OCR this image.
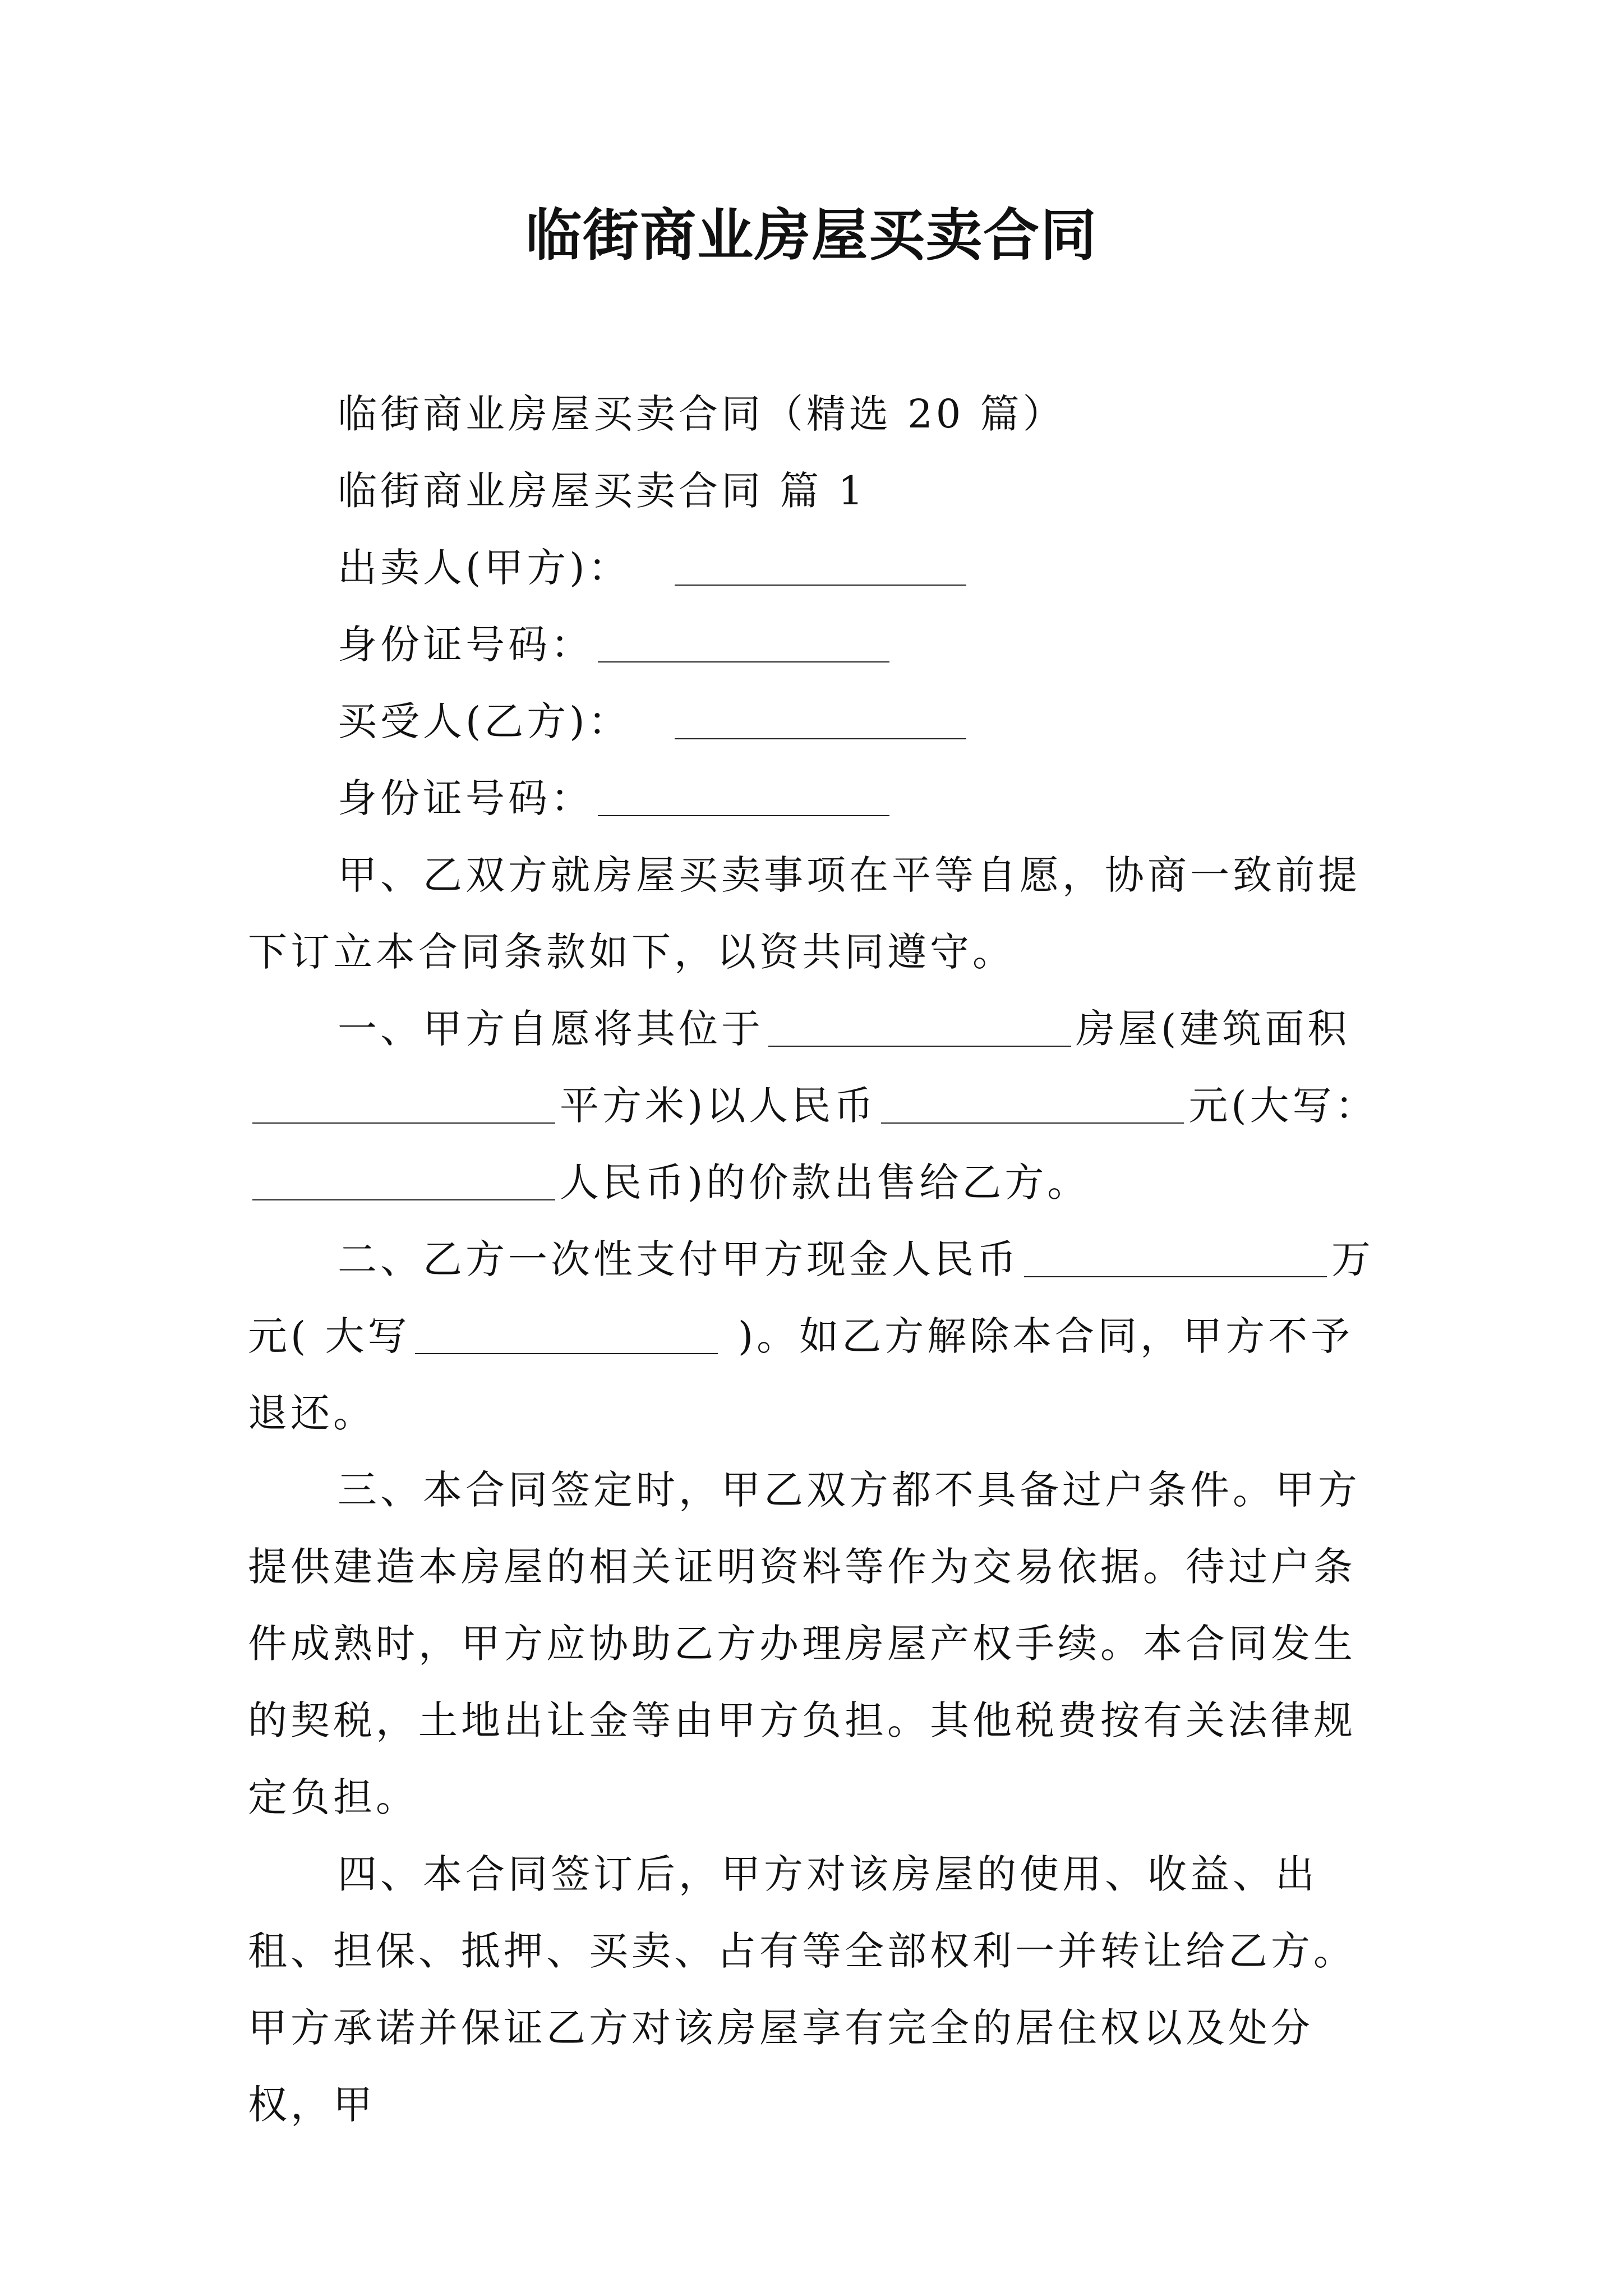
临街商业房屋买卖合同

临街商业房屋买卖合同（精选 20 篇）

临街商业房屋买卖合同 篇 1

出卖人(甲方)：

身份证号码：

买受人(乙方)：

身份证号码：

甲、乙双方就房屋买卖事项在平等自愿，协商一致前提下订立本合同条款如下，以资共同遵守。

一、甲方自愿将其位于	房屋(建筑面积平方米)以人民币	元(大写：人民币)的价款出售给乙方。

二、乙方一次性支付甲方现金人民币	万元( 大写	)。如乙方解除本合同，甲方不予退还。

三、本合同签定时，甲乙双方都不具备过户条件。甲方提供建造本房屋的相关证明资料等作为交易依据。待过户条件成熟时，甲方应协助乙方办理房屋产权手续。本合同发生的契税，土地出让金等由甲方负担。其他税费按有关法律规定负担。

四、本合同签订后，甲方对该房屋的使用、收益、出租、担保、抵押、买卖、占有等全部权利一并转让给乙方。甲方承诺并保证乙方对该房屋享有完全的居住权以及处分权，甲
